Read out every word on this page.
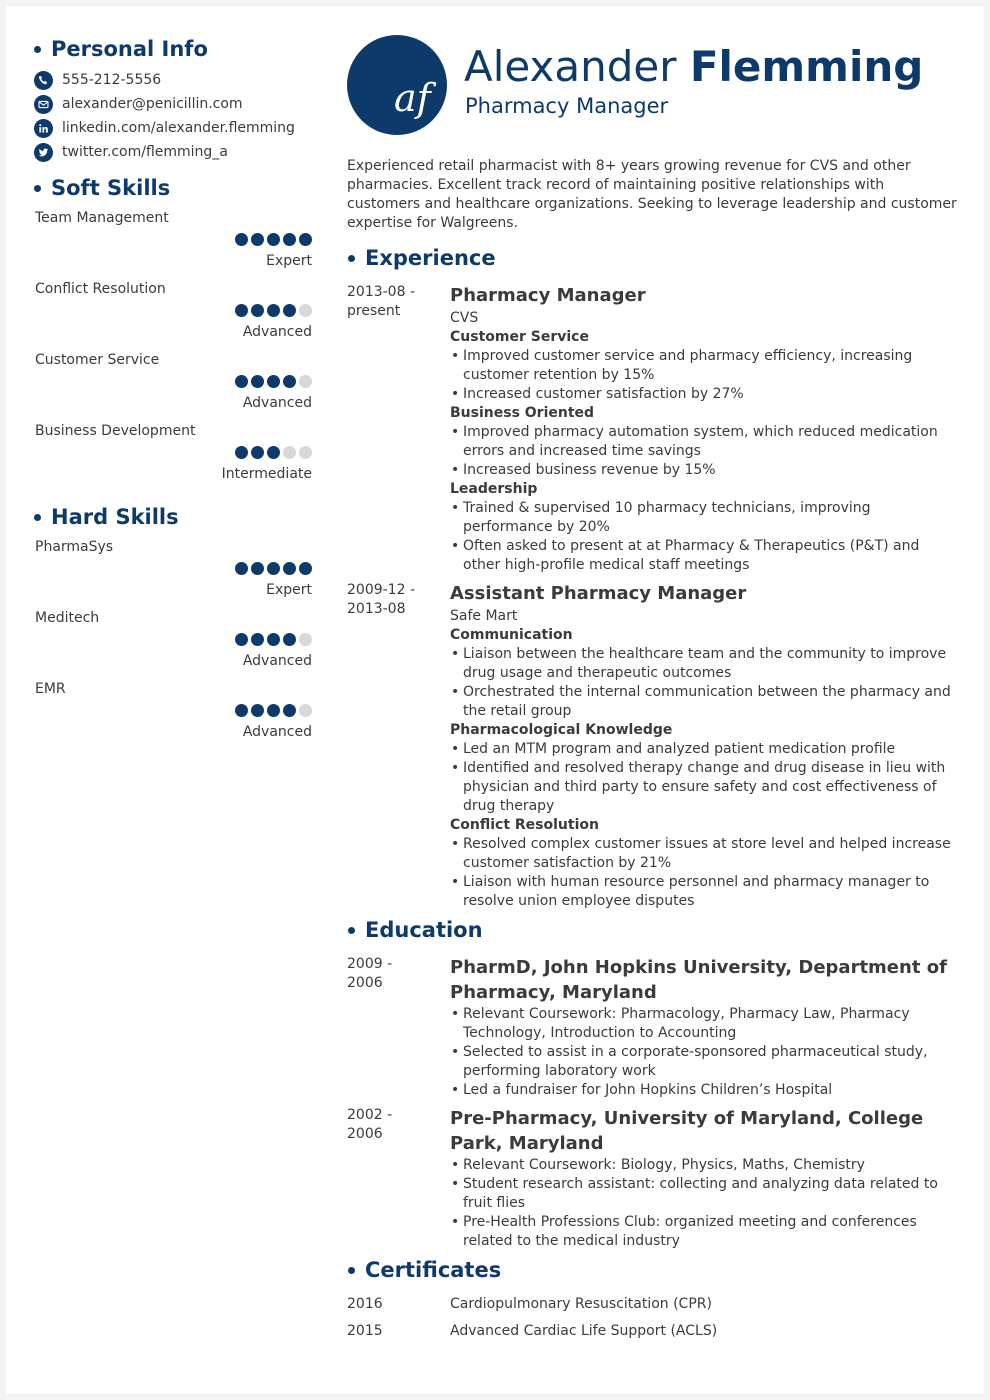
Personal Info
555-212-5556
alexander@penicillin.com
linkedin.com/alexander.flemming
twitter.com/flemming_a
Soft Skills
Team Management
Expert
Conflict Resolution
Advanced
Customer Service
Advanced
Business Development
Intermediate
Hard Skills
PharmaSys
Expert
Meditech
Advanced
EMR
Advanced
af
Alexander Flemming
Pharmacy Manager
Experienced retail pharmacist with 8+ years growing revenue for CVS and other pharmacies. Excellent track record of maintaining positive relationships with customers and healthcare organizations. Seeking to leverage leadership and customer expertise for Walgreens.
Experience
2013-08 -
present
Pharmacy Manager
CVS
Customer Service
• Improved customer service and pharmacy efficiency, increasing customer retention by 15%
• Increased customer satisfaction by 27%
Business Oriented
• Improved pharmacy automation system, which reduced medication errors and increased time savings
• Increased business revenue by 15%
Leadership
• Trained & supervised 10 pharmacy technicians, improving performance by 20%
• Often asked to present at at Pharmacy & Therapeutics (P&T) and other high-profile medical staff meetings
2009-12 -
2013-08
Assistant Pharmacy Manager
Safe Mart
Communication
• Liaison between the healthcare team and the community to improve drug usage and therapeutic outcomes
• Orchestrated the internal communication between the pharmacy and the retail group
Pharmacological Knowledge
• Led an MTM program and analyzed patient medication profile
• Identified and resolved therapy change and drug disease in lieu with physician and third party to ensure safety and cost effectiveness of drug therapy
Conflict Resolution
• Resolved complex customer issues at store level and helped increase customer satisfaction by 21%
• Liaison with human resource personnel and pharmacy manager to resolve union employee disputes
Education
2009 -
2006
PharmD, John Hopkins University, Department of Pharmacy, Maryland
• Relevant Coursework: Pharmacology, Pharmacy Law, Pharmacy Technology, Introduction to Accounting
• Selected to assist in a corporate-sponsored pharmaceutical study, performing laboratory work
• Led a fundraiser for John Hopkins Children’s Hospital
2002 -
2006
Pre-Pharmacy, University of Maryland, College Park, Maryland
• Relevant Coursework: Biology, Physics, Maths, Chemistry
• Student research assistant: collecting and analyzing data related to fruit flies
• Pre-Health Professions Club: organized meeting and conferences related to the medical industry
Certificates
2016	Cardiopulmonary Resuscitation (CPR)
2015	Advanced Cardiac Life Support (ACLS)
